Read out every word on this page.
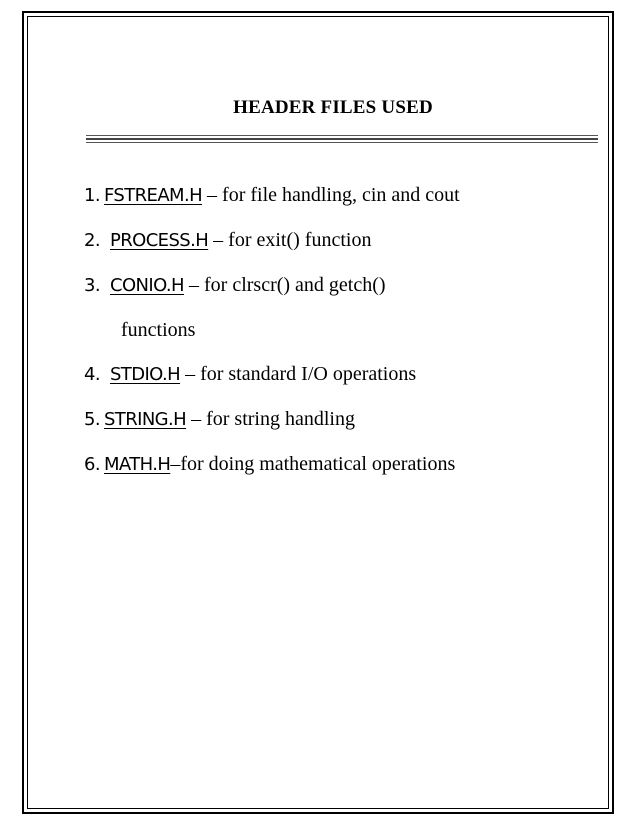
HEADER FILES USED
1. FSTREAM.H – for file handling, cin and cout
2. PROCESS.H – for exit() function
3. CONIO.H – for clrscr() and getch()
functions
4. STDIO.H – for standard I/O operations
5. STRING.H – for string handling
6. MATH.H–for doing mathematical operations
